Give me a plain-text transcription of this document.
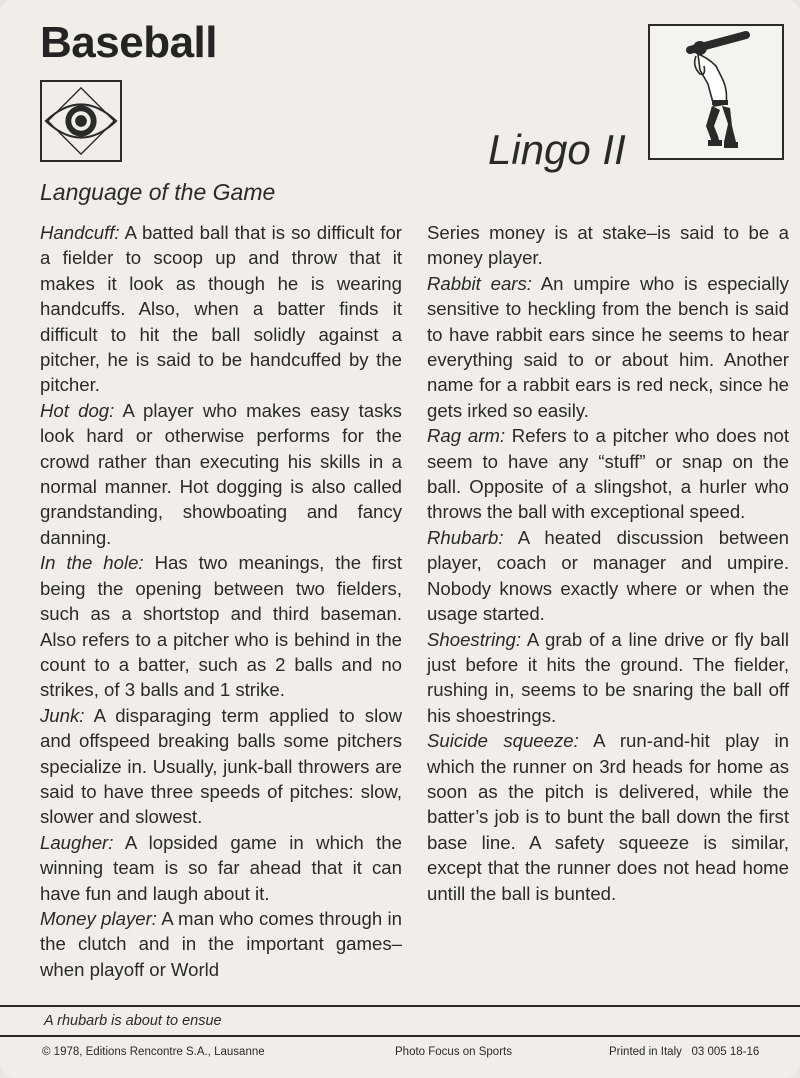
Baseball
Lingo II
Language of the Game

Handcuff: A batted ball that is so difficult for a fielder to scoop up and throw that it makes it look as though he is wearing handcuffs. Also, when a batter finds it difficult to hit the ball solidly against a pitcher, he is said to be handcuffed by the pitcher.

Hot dog: A player who makes easy tasks look hard or otherwise performs for the crowd rather than executing his skills in a normal manner. Hot dogging is also called grandstanding, showboating and fancy danning.

In the hole: Has two meanings, the first being the opening between two fielders, such as a shortstop and third baseman. Also refers to a pitcher who is behind in the count to a batter, such as 2 balls and no strikes, of 3 balls and 1 strike.

Junk: A disparaging term applied to slow and offspeed breaking balls some pitchers specialize in. Usually, junk-ball throwers are said to have three speeds of pitches: slow, slower and slowest.

Laugher: A lopsided game in which the winning team is so far ahead that it can have fun and laugh about it.

Money player: A man who comes through in the clutch and in the important games–when playoff or World

Series money is at stake–is said to be a money player.

Rabbit ears: An umpire who is especially sensitive to heckling from the bench is said to have rabbit ears since he seems to hear everything said to or about him. Another name for a rabbit ears is red neck, since he gets irked so easily.

Rag arm: Refers to a pitcher who does not seem to have any “stuff” or snap on the ball. Opposite of a slingshot, a hurler who throws the ball with exceptional speed.

Rhubarb: A heated discussion between player, coach or manager and umpire. Nobody knows exactly where or when the usage started.

Shoestring: A grab of a line drive or fly ball just before it hits the ground. The fielder, rushing in, seems to be snaring the ball off his shoestrings.

Suicide squeeze: A run-and-hit play in which the runner on 3rd heads for home as soon as the pitch is delivered, while the batter’s job is to bunt the ball down the first base line. A safety squeeze is similar, except that the runner does not head home untill the ball is bunted.

A rhubarb is about to ensue
© 1978, Editions Rencontre S.A., Lausanne	Photo Focus on Sports	Printed in Italy   03 005 18-16
